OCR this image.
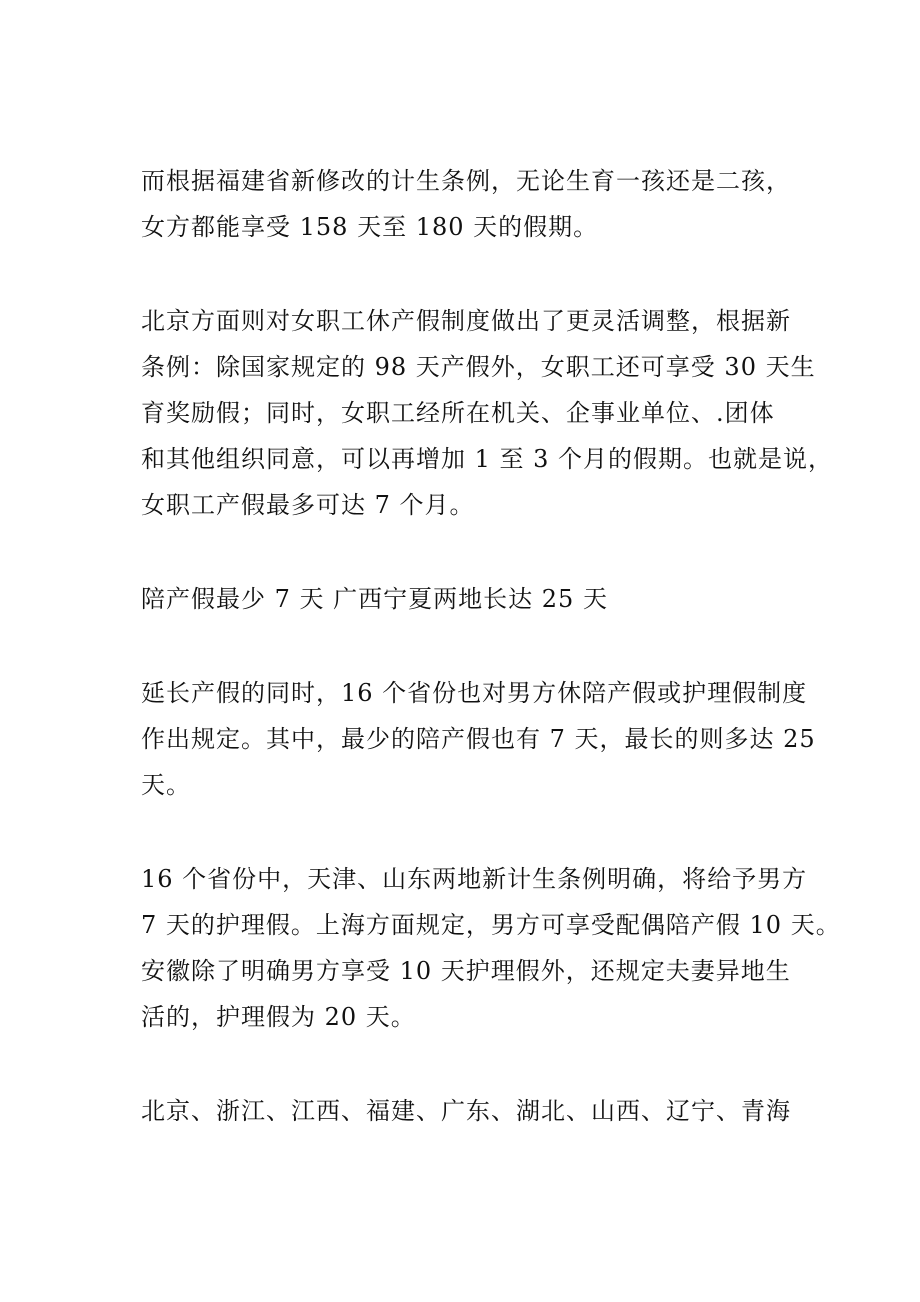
而根据福建省新修改的计生条例，无论生育一孩还是二孩，
女方都能享受 158 天至 180 天的假期。

北京方面则对女职工休产假制度做出了更灵活调整，根据新
条例：除国家规定的 98 天产假外，女职工还可享受 30 天生
育奖励假；同时，女职工经所在机关、企事业单位、.团体
和其他组织同意，可以再增加 1 至 3 个月的假期。也就是说，
女职工产假最多可达 7 个月。

陪产假最少 7 天 广西宁夏两地长达 25 天

延长产假的同时，16 个省份也对男方休陪产假或护理假制度
作出规定。其中，最少的陪产假也有 7 天，最长的则多达 25
天。

16 个省份中，天津、山东两地新计生条例明确，将给予男方
7 天的护理假。上海方面规定，男方可享受配偶陪产假 10 天。
安徽除了明确男方享受 10 天护理假外，还规定夫妻异地生
活的，护理假为 20 天。

北京、浙江、江西、福建、广东、湖北、山西、辽宁、青海
